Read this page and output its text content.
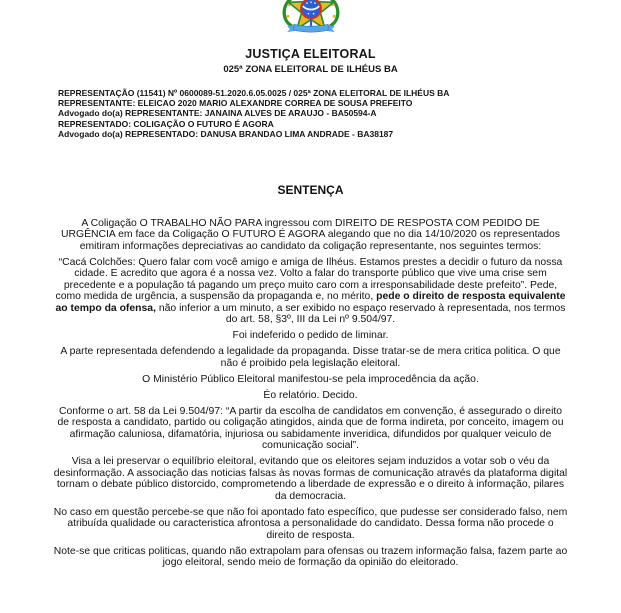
JUSTIÇA ELEITORAL
025ª ZONA ELEITORAL DE ILHÉUS BA
REPRESENTAÇÃO (11541) Nº 0600089-51.2020.6.05.0025 / 025ª ZONA ELEITORAL DE ILHÉUS BA
REPRESENTANTE: ELEICAO 2020 MARIO ALEXANDRE CORREA DE SOUSA PREFEITO
Advogado do(a) REPRESENTANTE: JANAINA ALVES DE ARAUJO - BA50594-A
REPRESENTADO: COLIGAÇÃO O FUTURO É AGORA
Advogado do(a) REPRESENTADO: DANUSA BRANDAO LIMA ANDRADE - BA38187
SENTENÇA

A Coligação O TRABALHO NÃO PARA ingressou com DIREITO DE RESPOSTA COM PEDIDO DE URGÊNCIA em face da Coligação O FUTURO É AGORA alegando que no dia 14/10/2020 os representados emitiram informações depreciativas ao candidato da coligação representante, nos seguintes termos:

“Cacá Colchões: Quero falar com você amigo e amiga de Ilhéus. Estamos prestes a decidir o futuro da nossa cidade. E acredito que agora é a nossa vez. Volto a falar do transporte público que vive uma crise sem precedente e a população tá pagando um preço muito caro com a irresponsabilidade deste prefeito”. Pede, como medida de urgência, a suspensão da propaganda e, no mérito, pede o direito de resposta equivalente ao tempo da ofensa, não inferior a um minuto, a ser exibido no espaço reservado à representada, nos termos do art. 58, §3º, III da Lei nº 9.504/97.

Foi indeferido o pedido de liminar.

A parte representada defendendo a legalidade da propaganda. Disse tratar-se de mera critica politica. O que não é proibido pela legislação eleitoral.

O Ministério Público Eleitoral manifestou-se pela improcedência da ação.

Éo relatório. Decido.

Conforme o art. 58 da Lei 9.504/97: “A partir da escolha de candidatos em convenção, é assegurado o direito de resposta a candidato, partido ou coligação atingidos, ainda que de forma indireta, por conceito, imagem ou afirmação caluniosa, difamatória, injuriosa ou sabidamente inveridica, difundidos por qualquer veiculo de comunicação social”.

Visa a lei preservar o equilíbrio eleitoral, evitando que os eleitores sejam induzidos a votar sob o véu da desinformação. A associação das noticias falsas às novas formas de comunicação através da plataforma digital tornam o debate público distorcido, comprometendo a liberdade de expressão e o direito à informação, pilares da democracia.

No caso em questão percebe-se que não foi apontado fato específico, que pudesse ser considerado falso, nem atribuída qualidade ou caracteristica afrontosa a personalidade do candidato. Dessa forma não procede o direito de resposta.

Note-se que criticas politicas, quando não extrapolam para ofensas ou trazem informação falsa, fazem parte ao jogo eleitoral, sendo meio de formação da opinião do eleitorado.
